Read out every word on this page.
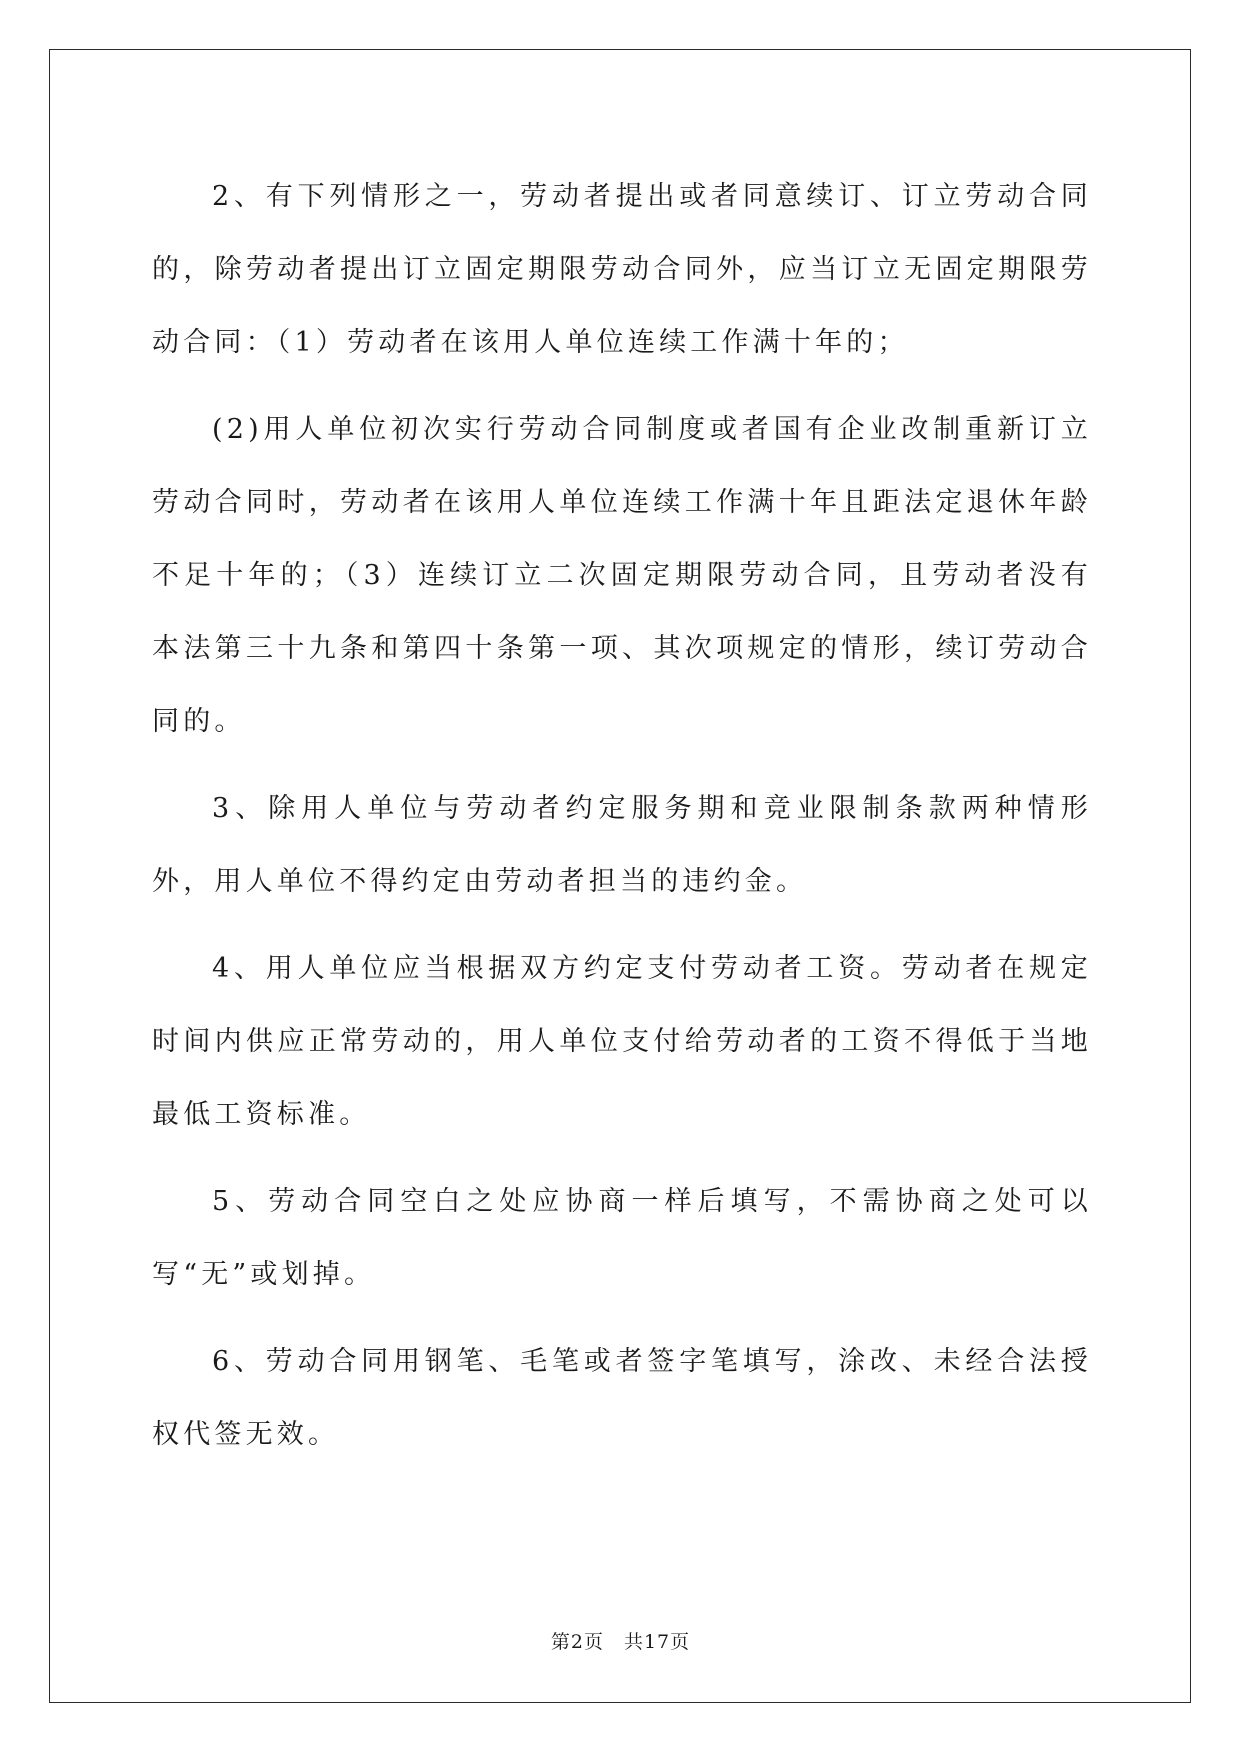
2、有下列情形之一，劳动者提出或者同意续订、订立劳动合同的，除劳动者提出订立固定期限劳动合同外，应当订立无固定期限劳动合同：（1）劳动者在该用人单位连续工作满十年的；

(2)用人单位初次实行劳动合同制度或者国有企业改制重新订立劳动合同时，劳动者在该用人单位连续工作满十年且距法定退休年龄不足十年的；（3）连续订立二次固定期限劳动合同，且劳动者没有本法第三十九条和第四十条第一项、其次项规定的情形，续订劳动合同的。

3、除用人单位与劳动者约定服务期和竞业限制条款两种情形外，用人单位不得约定由劳动者担当的违约金。

4、用人单位应当根据双方约定支付劳动者工资。劳动者在规定时间内供应正常劳动的，用人单位支付给劳动者的工资不得低于当地最低工资标准。

5、劳动合同空白之处应协商一样后填写，不需协商之处可以写“无”或划掉。

6、劳动合同用钢笔、毛笔或者签字笔填写，涂改、未经合法授权代签无效。

第2页 共17页
